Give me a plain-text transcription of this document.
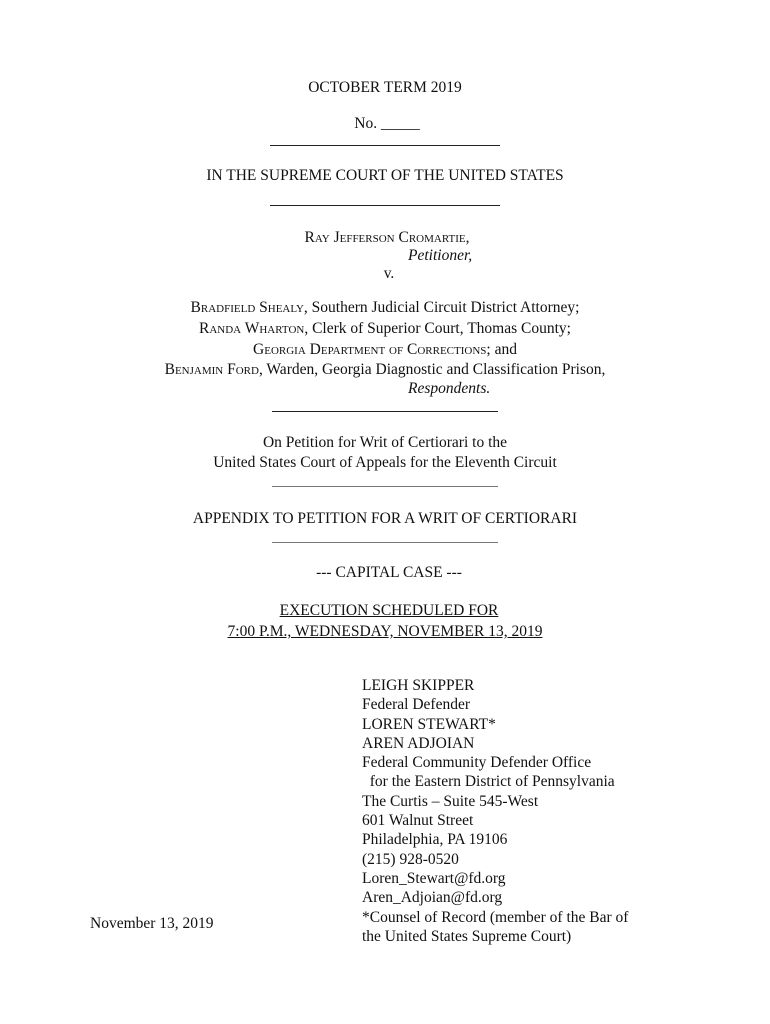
OCTOBER TERM 2019
No. _____
IN THE SUPREME COURT OF THE UNITED STATES
Ray Jefferson Cromartie,
Petitioner,
v.
Bradfield Shealy, Southern Judicial Circuit District Attorney;
Randa Wharton, Clerk of Superior Court, Thomas County;
Georgia Department of Corrections; and
Benjamin Ford, Warden, Georgia Diagnostic and Classification Prison,
Respondents.
On Petition for Writ of Certiorari to the
United States Court of Appeals for the Eleventh Circuit
APPENDIX TO PETITION FOR A WRIT OF CERTIORARI
--- CAPITAL CASE ---
EXECUTION SCHEDULED FOR
7:00 P.M., WEDNESDAY, NOVEMBER 13, 2019
LEIGH SKIPPER
Federal Defender
LOREN STEWART*
AREN ADJOIAN
Federal Community Defender Office
for the Eastern District of Pennsylvania
The Curtis – Suite 545-West
601 Walnut Street
Philadelphia, PA 19106
(215) 928-0520
Loren_Stewart@fd.org
Aren_Adjoian@fd.org
*Counsel of Record (member of the Bar of
the United States Supreme Court)
November 13, 2019
